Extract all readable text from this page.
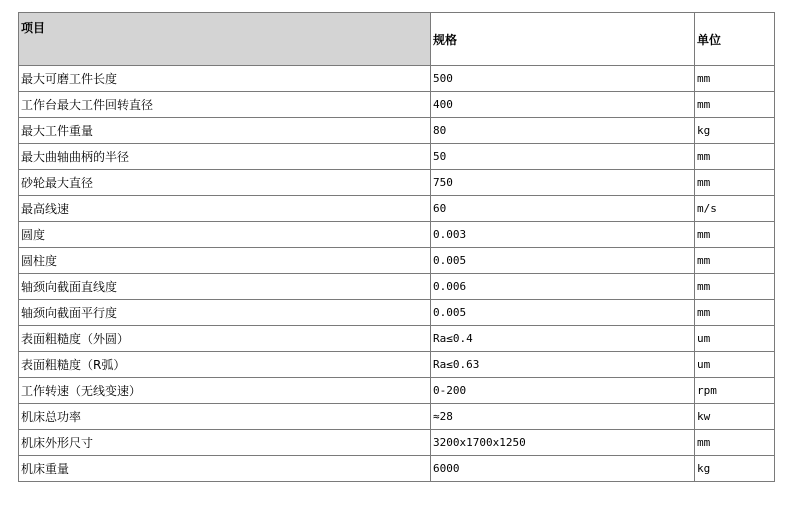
项目	规格	单位
最大可磨工件长度	500	mm
工作台最大工件回转直径	400	mm
最大工件重量	80	kg
最大曲轴曲柄的半径	50	mm
砂轮最大直径	750	mm
最高线速	60	m/s
圆度	0.003	mm
圆柱度	0.005	mm
轴颈向截面直线度	0.006	mm
轴颈向截面平行度	0.005	mm
表面粗糙度（外圆）	Ra≤0.4	um
表面粗糙度（R弧）	Ra≤0.63	um
工作转速（无线变速）	0-200	rpm
机床总功率	≈28	kw
机床外形尺寸	3200x1700x1250	mm
机床重量	6000	kg
